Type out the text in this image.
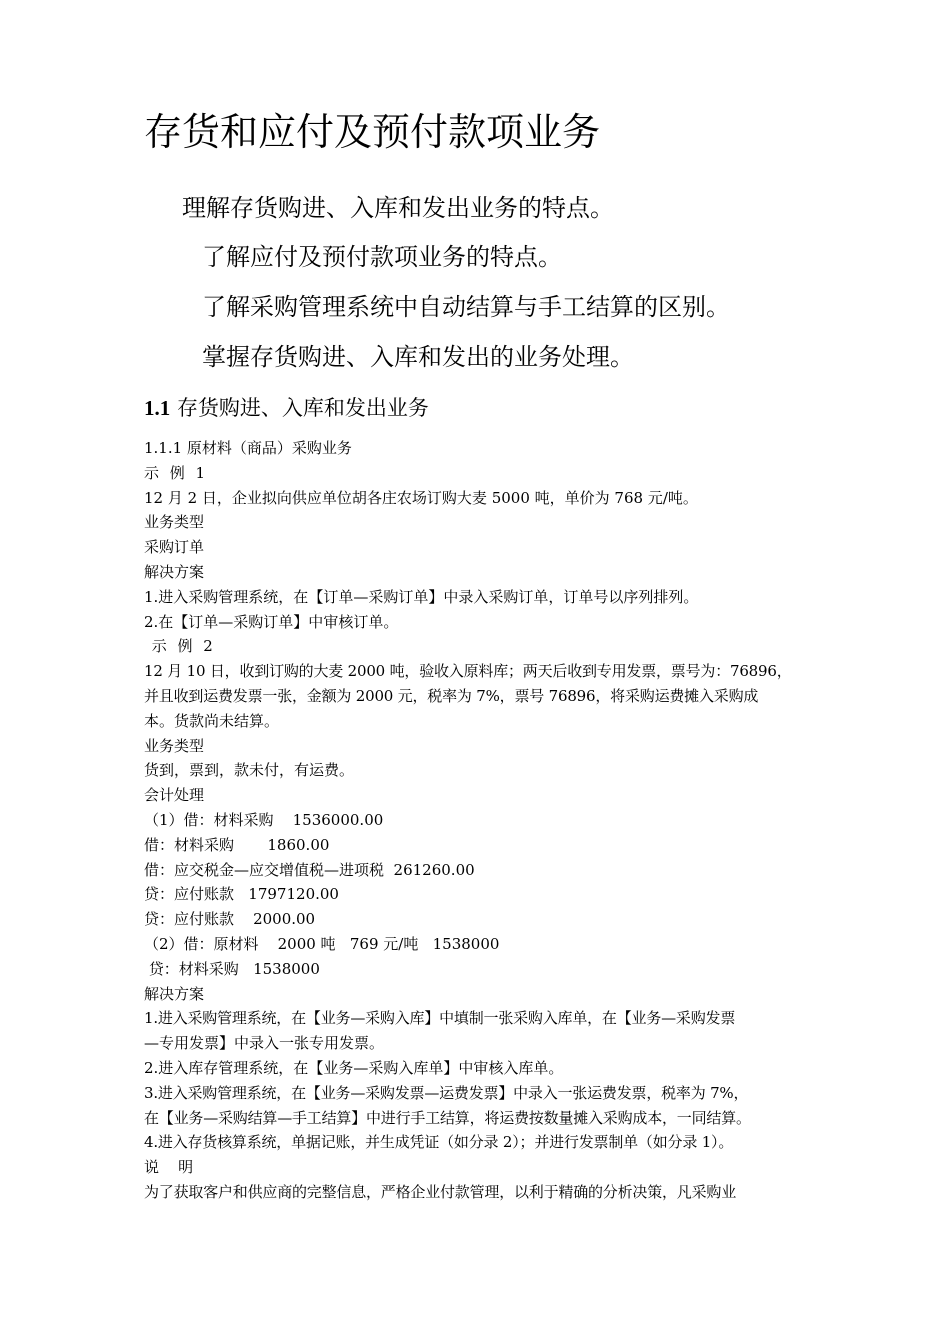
存货和应付及预付款项业务
理解存货购进、入库和发出业务的特点。
了解应付及预付款项业务的特点。
了解采购管理系统中自动结算与手工结算的区别。
掌握存货购进、入库和发出的业务处理。
1.1 存货购进、入库和发出业务
1.1.1 原材料（商品）采购业务
示 例 1
12 月 2 日，企业拟向供应单位胡各庄农场订购大麦 5000 吨，单价为 768 元/吨。
业务类型
采购订单
解决方案
1.进入采购管理系统，在【订单—采购订单】中录入采购订单，订单号以序列排列。
2.在【订单—采购订单】中审核订单。
示 例 2
12 月 10 日，收到订购的大麦 2000 吨，验收入原料库；两天后收到专用发票，票号为：76896，
并且收到运费发票一张，金额为 2000 元，税率为 7%，票号 76896，将采购运费摊入采购成
本。货款尚未结算。
业务类型
货到，票到，款未付，有运费。
会计处理
（1）借：材料采购    1536000.00
借：材料采购       1860.00
借：应交税金—应交增值税—进项税  261260.00
贷：应付账款   1797120.00
贷：应付账款    2000.00
（2）借：原材料    2000 吨   769 元/吨   1538000
贷：材料采购   1538000
解决方案
1.进入采购管理系统，在【业务—采购入库】中填制一张采购入库单，在【业务—采购发票
—专用发票】中录入一张专用发票。
2.进入库存管理系统，在【业务—采购入库单】中审核入库单。
3.进入采购管理系统，在【业务—采购发票—运费发票】中录入一张运费发票，税率为 7%，
在【业务—采购结算—手工结算】中进行手工结算，将运费按数量摊入采购成本，一同结算。
4.进入存货核算系统，单据记账，并生成凭证（如分录 2）；并进行发票制单（如分录 1）。
说    明
为了获取客户和供应商的完整信息，严格企业付款管理，以利于精确的分析决策，凡采购业
